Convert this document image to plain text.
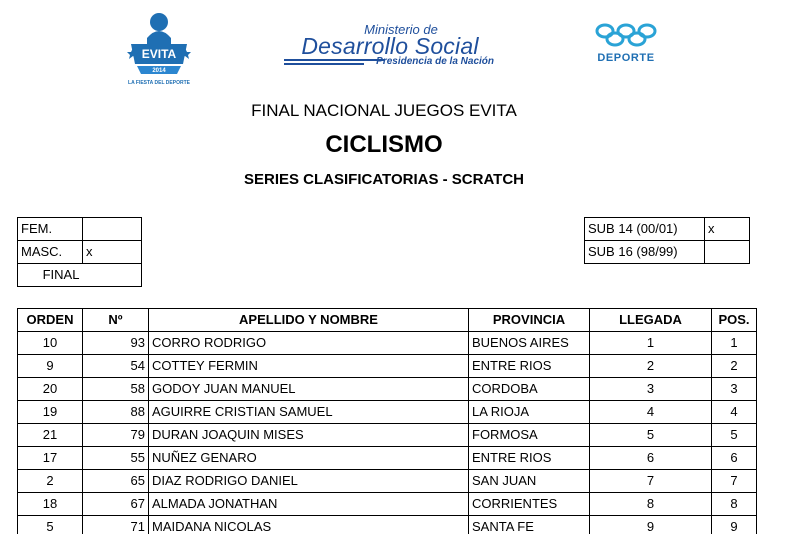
EVITA
2014
LA FIESTA DEL DEPORTE
Ministerio de
Desarrollo Social
Presidencia de la Nación	DEPORTE
FINAL NACIONAL JUEGOS EVITA
CICLISMO
SERIES CLASIFICATORIAS - SCRATCH
FEM.	
MASC.	x
FINAL	
SUB 14 (00/01)	x
SUB 16 (98/99)	
ORDEN	Nº	APELLIDO Y NOMBRE	PROVINCIA	LLEGADA	POS.
10	93	CORRO RODRIGO	BUENOS AIRES	1	1
9	54	COTTEY FERMIN	ENTRE RIOS	2	2
20	58	GODOY JUAN MANUEL	CORDOBA	3	3
19	88	AGUIRRE CRISTIAN SAMUEL	LA RIOJA	4	4
21	79	DURAN JOAQUIN MISES	FORMOSA	5	5
17	55	NUÑEZ GENARO	ENTRE RIOS	6	6
2	65	DIAZ RODRIGO DANIEL	SAN JUAN	7	7
18	67	ALMADA JONATHAN	CORRIENTES	8	8
5	71	MAIDANA NICOLAS	SANTA FE	9	9
